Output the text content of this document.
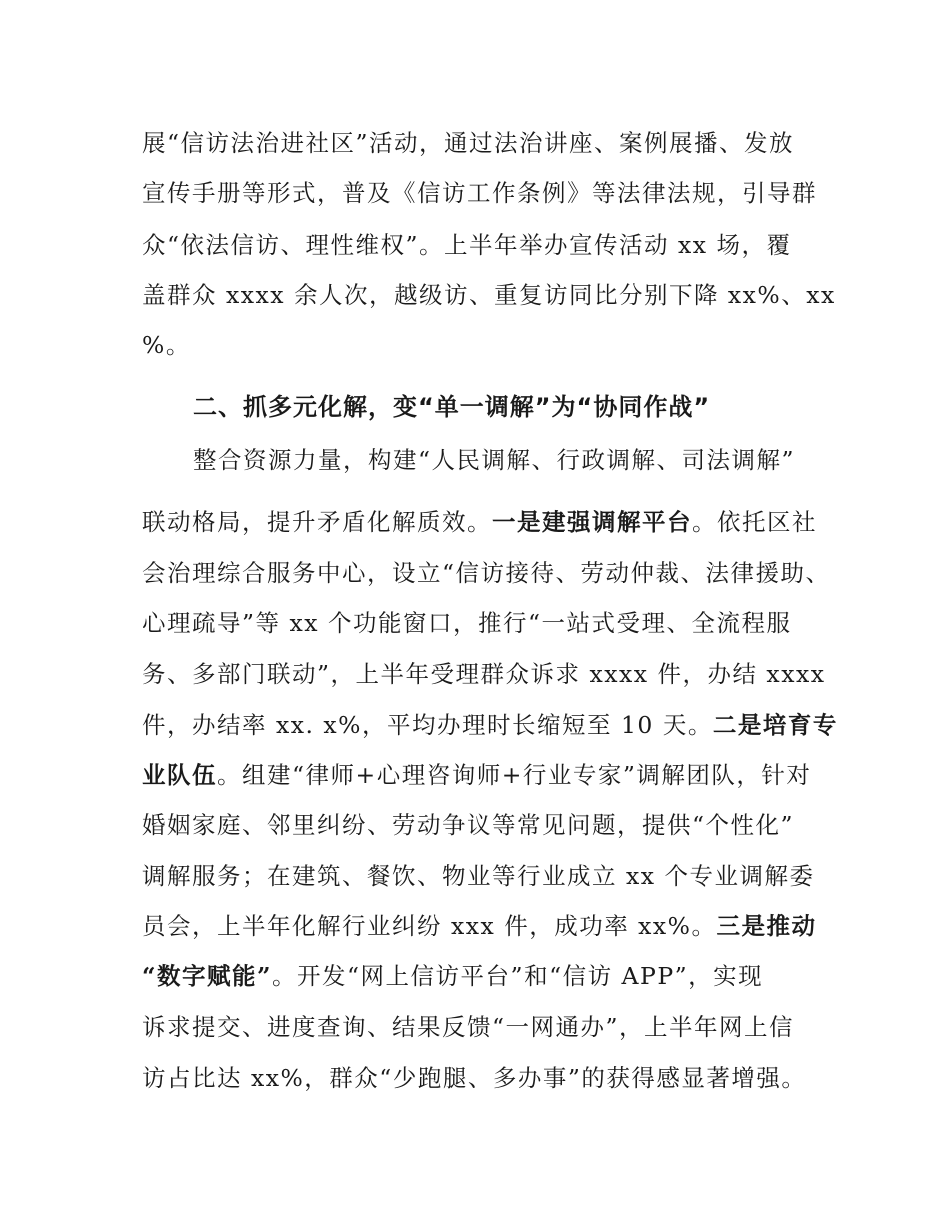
展“信访法治进社区”活动，通过法治讲座、案例展播、发放
宣传手册等形式，普及《信访工作条例》等法律法规，引导群
众“依法信访、理性维权”。上半年举办宣传活动 xx 场，覆
盖群众 xxxx 余人次，越级访、重复访同比分别下降 xx%、xx
%。
二、抓多元化解，变“单一调解”为“协同作战”
整合资源力量，构建“人民调解、行政调解、司法调解”
联动格局，提升矛盾化解质效。一是建强调解平台。依托区社
会治理综合服务中心，设立“信访接待、劳动仲裁、法律援助、
心理疏导”等 xx 个功能窗口，推行“一站式受理、全流程服
务、多部门联动”，上半年受理群众诉求 xxxx 件，办结 xxxx
件，办结率 xx. x%，平均办理时长缩短至 10 天。二是培育专
业队伍。组建“律师+心理咨询师+行业专家”调解团队，针对
婚姻家庭、邻里纠纷、劳动争议等常见问题，提供“个性化”
调解服务；在建筑、餐饮、物业等行业成立 xx 个专业调解委
员会，上半年化解行业纠纷 xxx 件，成功率 xx%。三是推动
“数字赋能”。开发“网上信访平台”和“信访 APP”，实现
诉求提交、进度查询、结果反馈“一网通办”，上半年网上信
访占比达 xx%，群众“少跑腿、多办事”的获得感显著增强。
